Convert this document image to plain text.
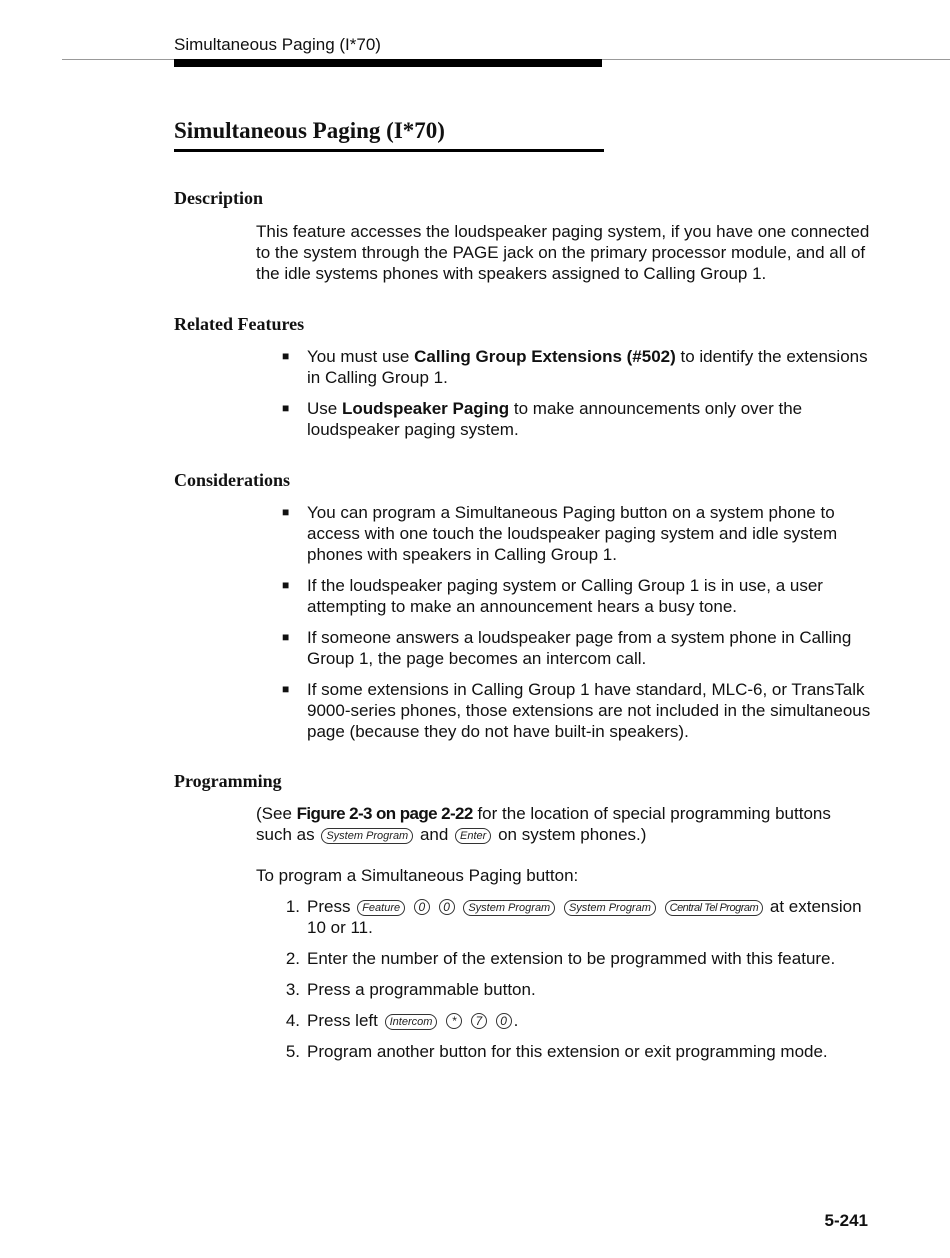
Simultaneous Paging (I*70)
Simultaneous Paging (I*70)
Description

This feature accesses the loudspeaker paging system, if you have one connected to the system through the PAGE jack on the primary processor module, and all of the idle systems phones with speakers assigned to Calling Group 1.

Related Features
■ You must use Calling Group Extensions (#502) to identify the extensions in Calling Group 1.
■ Use Loudspeaker Paging to make announcements only over the loudspeaker paging system.
Considerations
■ You can program a Simultaneous Paging button on a system phone to access with one touch the loudspeaker paging system and idle system phones with speakers in Calling Group 1.
■ If the loudspeaker paging system or Calling Group 1 is in use, a user attempting to make an announcement hears a busy tone.
■ If someone answers a loudspeaker page from a system phone in Calling Group 1, the page becomes an intercom call.
■ If some extensions in Calling Group 1 have standard, MLC-6, or TransTalk 9000-series phones, those extensions are not included in the simultaneous page (because they do not have built-in speakers).
Programming

(See Figure 2-3 on page 2-22 for the location of special programming buttons such as System Program and Enter on system phones.)

To program a Simultaneous Paging button:

1. Press Feature 0 0 System Program System Program Central Tel Program at extension 10 or 11.
2. Enter the number of the extension to be programmed with this feature.
3. Press a programmable button.
4. Press left Intercom * 7 0 .
5. Program another button for this extension or exit programming mode.
5-241
